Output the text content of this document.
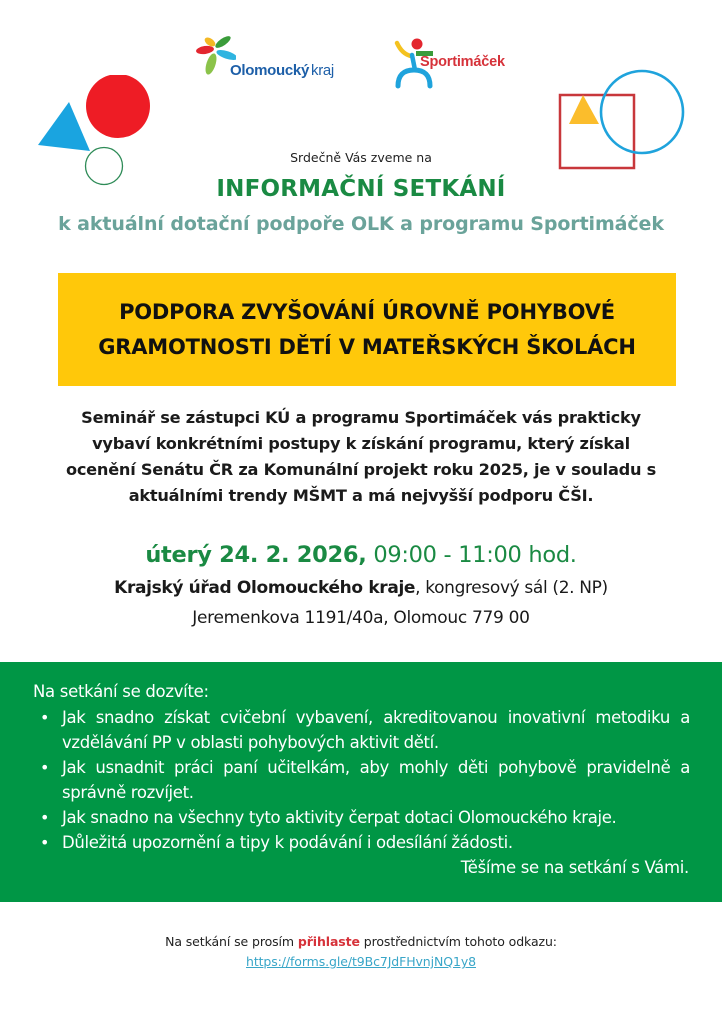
Olomoucký kraj	Sportimáček
Srdečně Vás zveme na
INFORMAČNÍ SETKÁNÍ
k aktuální dotační podpoře OLK a programu Sportimáček
PODPORA ZVYŠOVÁNÍ ÚROVNĚ POHYBOVÉ
GRAMOTNOSTI DĚTÍ V MATEŘSKÝCH ŠKOLÁCH
Seminář se zástupci KÚ a programu Sportimáček vás prakticky
vybaví konkrétními postupy k získání programu, který získal
ocenění Senátu ČR za Komunální projekt roku 2025, je v souladu s
aktuálními trendy MŠMT a má nejvyšší podporu ČŠI.
úterý 24. 2. 2026, 09:00 - 11:00 hod.
Krajský úřad Olomouckého kraje, kongresový sál (2. NP)
Jeremenkova 1191/40a, Olomouc 779 00
Na setkání se dozvíte:
• Jak snadno získat cvičební vybavení, akreditovanou inovativní metodiku a vzdělávání PP v oblasti pohybových aktivit dětí.
• Jak usnadnit práci paní učitelkám, aby mohly děti pohybově pravidelně a správně rozvíjet.
• Jak snadno na všechny tyto aktivity čerpat dotaci Olomouckého kraje.
• Důležitá upozornění a tipy k podávání i odesílání žádosti.
Těšíme se na setkání s Vámi.
Na setkání se prosím přihlaste prostřednictvím tohoto odkazu:
https://forms.gle/t9Bc7JdFHvnjNQ1y8
